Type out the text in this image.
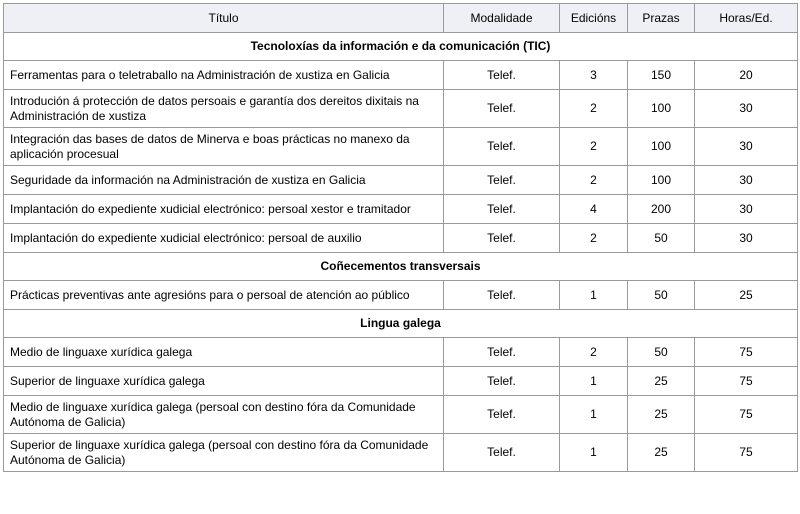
Título	Modalidade	Edicións	Prazas	Horas/Ed.
Tecnoloxías da información e da comunicación (TIC)				
Ferramentas para o teletraballo na Administración de xustiza en Galicia	Telef.	3	150	20
Introdución á protección de datos persoais e garantía dos dereitos dixitais na Administración de xustiza	Telef.	2	100	30
Integración das bases de datos de Minerva e boas prácticas no manexo da aplicación procesual	Telef.	2	100	30
Seguridade da información na Administración de xustiza en Galicia	Telef.	2	100	30
Implantación do expediente xudicial electrónico: persoal xestor e tramitador	Telef.	4	200	30
Implantación do expediente xudicial electrónico: persoal de auxilio	Telef.	2	50	30
Coñecementos transversais				
Prácticas preventivas ante agresións para o persoal de atención ao público	Telef.	1	50	25
Lingua galega				
Medio de linguaxe xurídica galega	Telef.	2	50	75
Superior de linguaxe xurídica galega	Telef.	1	25	75
Medio de linguaxe xurídica galega (persoal con destino fóra da Comunidade Autónoma de Galicia)	Telef.	1	25	75
Superior de linguaxe xurídica galega (persoal con destino fóra da Comunidade Autónoma de Galicia)	Telef.	1	25	75
